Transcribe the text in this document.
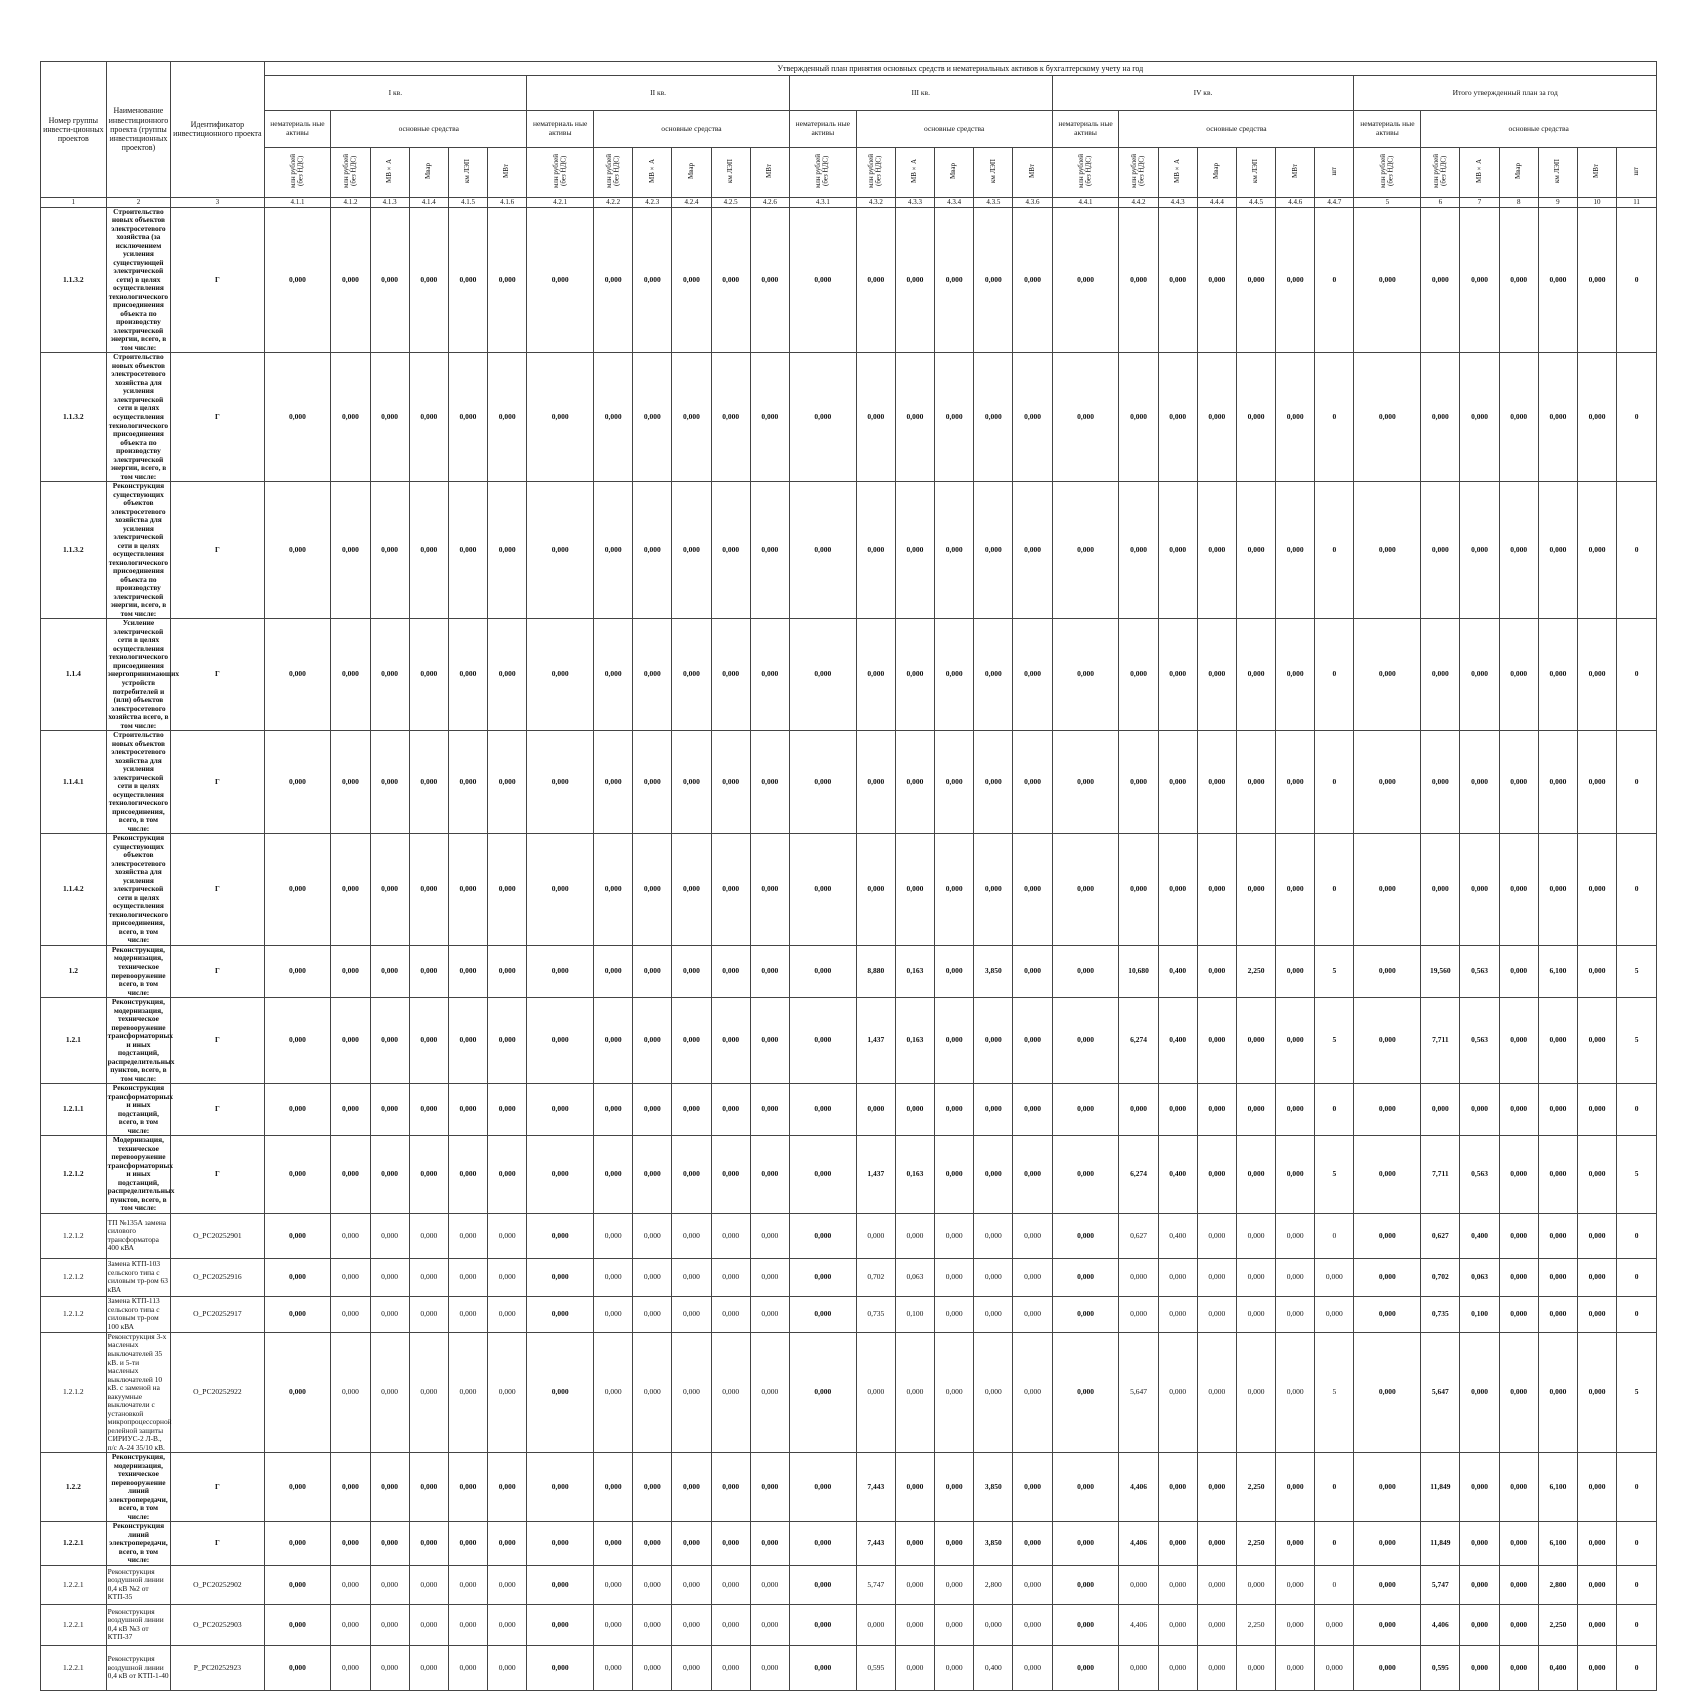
Номер группы инвести-ционных проектов	Наименование инвестиционного проекта (группы инвестиционных проектов)	Идентификатор инвестиционного проекта	Утвержденный план принятия основных средств и нематериальных активов к бухгалтерскому учету на год																															
			I кв.						II кв.						III кв.						IV кв.							Итого утвержденный план за год						
			нематериаль ные активы	основные средства					нематериаль ные активы	основные средства					нематериаль ные активы	основные средства					нематериаль ные активы	основные средства						нематериаль ные активы	основные средства					
			млн рублей (без НДС)	млн рублей (без НДС)	МВ×А	Мвар	км ЛЭП	МВт	млн рублей (без НДС)	млн рублей (без НДС)	МВ×А	Мвар	км ЛЭП	МВт	млн рублей (без НДС)	млн рублей (без НДС)	МВ×А	Мвар	км ЛЭП	МВт	млн рублей (без НДС)	млн рублей (без НДС)	МВ×А	Мвар	км ЛЭП	МВт	шт	млн рублей (без НДС)	млн рублей (без НДС)	МВ×А	Мвар	км ЛЭП	МВт	шт
1	2	3	4.1.1	4.1.2	4.1.3	4.1.4	4.1.5	4.1.6	4.2.1	4.2.2	4.2.3	4.2.4	4.2.5	4.2.6	4.3.1	4.3.2	4.3.3	4.3.4	4.3.5	4.3.6	4.4.1	4.4.2	4.4.3	4.4.4	4.4.5	4.4.6	4.4.7	5	6	7	8	9	10	11
1.1.3.2	Строительство новых объектов электросетевого хозяйства (за исключением усиления существующей электрической сети) в целях осуществления технологического присоединения объекта по производству электрической энергии, всего, в том числе:	Г	0,000	0,000	0,000	0,000	0,000	0,000	0,000	0,000	0,000	0,000	0,000	0,000	0,000	0,000	0,000	0,000	0,000	0,000	0,000	0,000	0,000	0,000	0,000	0,000	0	0,000	0,000	0,000	0,000	0,000	0,000	0
1.1.3.2	Строительство новых объектов электросетевого хозяйства для усиления электрической сети в целях осуществления технологического присоединения объекта по производству электрической энергии, всего, в том числе:	Г	0,000	0,000	0,000	0,000	0,000	0,000	0,000	0,000	0,000	0,000	0,000	0,000	0,000	0,000	0,000	0,000	0,000	0,000	0,000	0,000	0,000	0,000	0,000	0,000	0	0,000	0,000	0,000	0,000	0,000	0,000	0
1.1.3.2	Реконструкция существующих объектов электросетевого хозяйства для усиления электрической сети в целях осуществления технологического присоединения объекта по производству электрической энергии, всего, в том числе:	Г	0,000	0,000	0,000	0,000	0,000	0,000	0,000	0,000	0,000	0,000	0,000	0,000	0,000	0,000	0,000	0,000	0,000	0,000	0,000	0,000	0,000	0,000	0,000	0,000	0	0,000	0,000	0,000	0,000	0,000	0,000	0
1.1.4	Усиление электрической сети в целях осуществления технологического присоединения энергопринимающих устройств потребителей и (или) объектов электросетевого хозяйства всего, в том числе:	Г	0,000	0,000	0,000	0,000	0,000	0,000	0,000	0,000	0,000	0,000	0,000	0,000	0,000	0,000	0,000	0,000	0,000	0,000	0,000	0,000	0,000	0,000	0,000	0,000	0	0,000	0,000	0,000	0,000	0,000	0,000	0
1.1.4.1	Строительство новых объектов электросетевого хозяйства для усиления электрической сети в целях осуществления технологического присоединения, всего, в том числе:	Г	0,000	0,000	0,000	0,000	0,000	0,000	0,000	0,000	0,000	0,000	0,000	0,000	0,000	0,000	0,000	0,000	0,000	0,000	0,000	0,000	0,000	0,000	0,000	0,000	0	0,000	0,000	0,000	0,000	0,000	0,000	0
1.1.4.2	Реконструкция существующих объектов электросетевого хозяйства для усиления электрической сети в целях осуществления технологического присоединения, всего, в том числе:	Г	0,000	0,000	0,000	0,000	0,000	0,000	0,000	0,000	0,000	0,000	0,000	0,000	0,000	0,000	0,000	0,000	0,000	0,000	0,000	0,000	0,000	0,000	0,000	0,000	0	0,000	0,000	0,000	0,000	0,000	0,000	0
1.2	Реконструкция, модернизация, техническое перевооружение всего, в том числе:	Г	0,000	0,000	0,000	0,000	0,000	0,000	0,000	0,000	0,000	0,000	0,000	0,000	0,000	8,880	0,163	0,000	3,850	0,000	0,000	10,680	0,400	0,000	2,250	0,000	5	0,000	19,560	0,563	0,000	6,100	0,000	5
1.2.1	Реконструкция, модернизация, техническое перевооружение трансформаторных и иных подстанций, распределительных пунктов, всего, в том числе:	Г	0,000	0,000	0,000	0,000	0,000	0,000	0,000	0,000	0,000	0,000	0,000	0,000	0,000	1,437	0,163	0,000	0,000	0,000	0,000	6,274	0,400	0,000	0,000	0,000	5	0,000	7,711	0,563	0,000	0,000	0,000	5
1.2.1.1	Реконструкция трансформаторных и иных подстанций, всего, в том числе:	Г	0,000	0,000	0,000	0,000	0,000	0,000	0,000	0,000	0,000	0,000	0,000	0,000	0,000	0,000	0,000	0,000	0,000	0,000	0,000	0,000	0,000	0,000	0,000	0,000	0	0,000	0,000	0,000	0,000	0,000	0,000	0
1.2.1.2	Модернизация, техническое перевооружение трансформаторных и иных подстанций, распределительных пунктов, всего, в том числе:	Г	0,000	0,000	0,000	0,000	0,000	0,000	0,000	0,000	0,000	0,000	0,000	0,000	0,000	1,437	0,163	0,000	0,000	0,000	0,000	6,274	0,400	0,000	0,000	0,000	5	0,000	7,711	0,563	0,000	0,000	0,000	5
1.2.1.2	ТП №135А замена силового трансформатора 400 кВА	О_РС20252901	0,000	0,000	0,000	0,000	0,000	0,000	0,000	0,000	0,000	0,000	0,000	0,000	0,000	0,000	0,000	0,000	0,000	0,000	0,000	0,627	0,400	0,000	0,000	0,000	0	0,000	0,627	0,400	0,000	0,000	0,000	0
1.2.1.2	Замена КТП-103 сельского типа с силовым тр-ром 63 кВА	О_РС20252916	0,000	0,000	0,000	0,000	0,000	0,000	0,000	0,000	0,000	0,000	0,000	0,000	0,000	0,702	0,063	0,000	0,000	0,000	0,000	0,000	0,000	0,000	0,000	0,000	0,000	0,000	0,702	0,063	0,000	0,000	0,000	0
1.2.1.2	Замена КТП-113 сельского типа с силовым тр-ром 100 кВА	О_РС20252917	0,000	0,000	0,000	0,000	0,000	0,000	0,000	0,000	0,000	0,000	0,000	0,000	0,000	0,735	0,100	0,000	0,000	0,000	0,000	0,000	0,000	0,000	0,000	0,000	0,000	0,000	0,735	0,100	0,000	0,000	0,000	0
1.2.1.2	Реконструкция 3-х масленых выключателей 35 кВ. и 5-ти масленых выключателей 10 кВ. с заменой на вакуумные выключатели с установкой микропроцессорной релейной защиты СИРИУС-2 Л-В., п/с А-24 35/10 кВ.	О_РС20252922	0,000	0,000	0,000	0,000	0,000	0,000	0,000	0,000	0,000	0,000	0,000	0,000	0,000	0,000	0,000	0,000	0,000	0,000	0,000	5,647	0,000	0,000	0,000	0,000	5	0,000	5,647	0,000	0,000	0,000	0,000	5
1.2.2	Реконструкция, модернизация, техническое перевооружение линий электропередачи, всего, в том числе:	Г	0,000	0,000	0,000	0,000	0,000	0,000	0,000	0,000	0,000	0,000	0,000	0,000	0,000	7,443	0,000	0,000	3,850	0,000	0,000	4,406	0,000	0,000	2,250	0,000	0	0,000	11,849	0,000	0,000	6,100	0,000	0
1.2.2.1	Реконструкция линий электропередачи, всего, в том числе:	Г	0,000	0,000	0,000	0,000	0,000	0,000	0,000	0,000	0,000	0,000	0,000	0,000	0,000	7,443	0,000	0,000	3,850	0,000	0,000	4,406	0,000	0,000	2,250	0,000	0	0,000	11,849	0,000	0,000	6,100	0,000	0
1.2.2.1	Реконструкция воздушной линии 0,4 кВ №2 от КТП-35	О_РС20252902	0,000	0,000	0,000	0,000	0,000	0,000	0,000	0,000	0,000	0,000	0,000	0,000	0,000	5,747	0,000	0,000	2,800	0,000	0,000	0,000	0,000	0,000	0,000	0,000	0	0,000	5,747	0,000	0,000	2,800	0,000	0
1.2.2.1	Реконструкция воздушной линии 0,4 кВ №3 от КТП-37	О_РС20252903	0,000	0,000	0,000	0,000	0,000	0,000	0,000	0,000	0,000	0,000	0,000	0,000	0,000	0,000	0,000	0,000	0,000	0,000	0,000	4,406	0,000	0,000	2,250	0,000	0,000	0,000	4,406	0,000	0,000	2,250	0,000	0
1.2.2.1	Реконструкция воздушной линии 0,4 кВ от КТП-1-40	Р_РС20252923	0,000	0,000	0,000	0,000	0,000	0,000	0,000	0,000	0,000	0,000	0,000	0,000	0,000	0,595	0,000	0,000	0,400	0,000	0,000	0,000	0,000	0,000	0,000	0,000	0,000	0,000	0,595	0,000	0,000	0,400	0,000	0
